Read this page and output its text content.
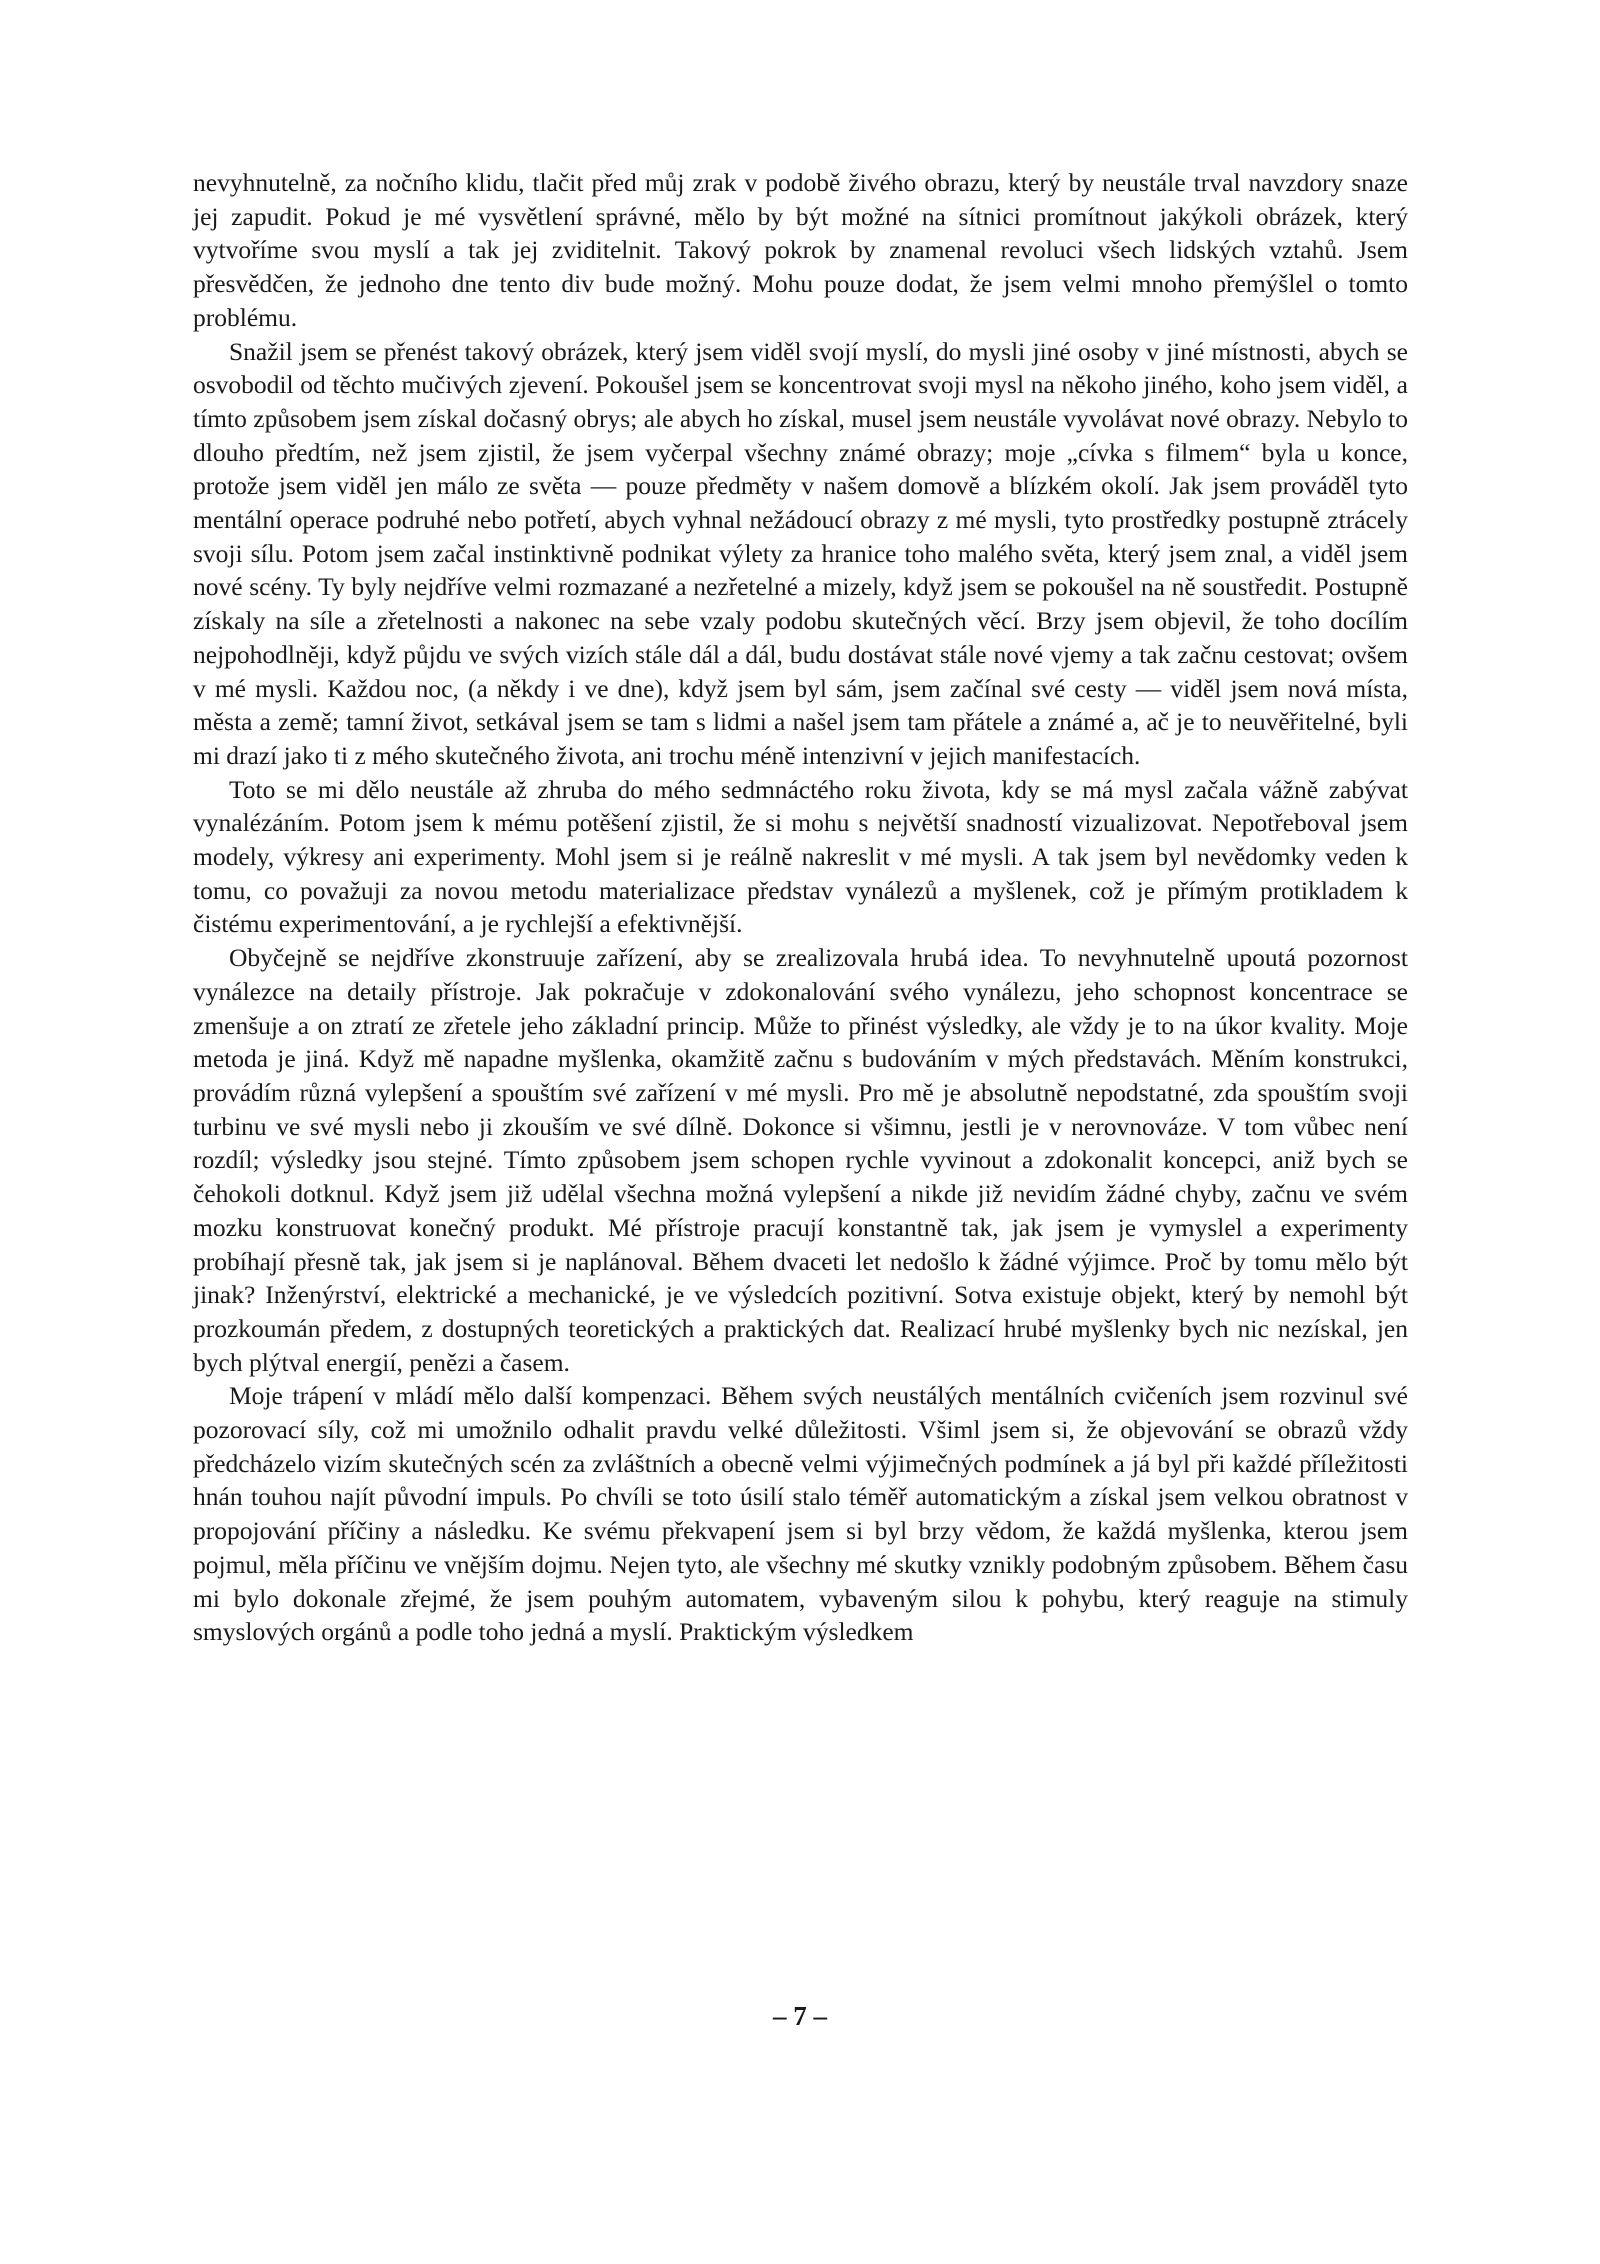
nevyhnutelně, za nočního klidu, tlačit před můj zrak v podobě živého obrazu, který by neustále trval navzdory snaze jej zapudit. Pokud je mé vysvětlení správné, mělo by být možné na sítnici promítnout jakýkoli obrázek, který vytvoříme svou myslí a tak jej zviditelnit. Takový pokrok by znamenal revoluci všech lidských vztahů. Jsem přesvědčen, že jednoho dne tento div bude možný. Mohu pouze dodat, že jsem velmi mnoho přemýšlel o tomto problému.

Snažil jsem se přenést takový obrázek, který jsem viděl svojí myslí, do mysli jiné osoby v jiné místnosti, abych se osvobodil od těchto mučivých zjevení. Pokoušel jsem se koncentrovat svoji mysl na někoho jiného, koho jsem viděl, a tímto způsobem jsem získal dočasný obrys; ale abych ho získal, musel jsem neustále vyvolávat nové obrazy. Nebylo to dlouho předtím, než jsem zjistil, že jsem vyčerpal všechny známé obrazy; moje „cívka s filmem“ byla u konce, protože jsem viděl jen málo ze světa — pouze předměty v našem domově a blízkém okolí. Jak jsem prováděl tyto mentální operace podruhé nebo potřetí, abych vyhnal nežádoucí obrazy z mé mysli, tyto prostředky postupně ztrácely svoji sílu. Potom jsem začal instinktivně podnikat výlety za hranice toho malého světa, který jsem znal, a viděl jsem nové scény. Ty byly nejdříve velmi rozmazané a nezřetelné a mizely, když jsem se pokoušel na ně soustředit. Postupně získaly na síle a zřetelnosti a nakonec na sebe vzaly podobu skutečných věcí. Brzy jsem objevil, že toho docílím nejpohodlněji, když půjdu ve svých vizích stále dál a dál, budu dostávat stále nové vjemy a tak začnu cestovat; ovšem v mé mysli. Každou noc, (a někdy i ve dne), když jsem byl sám, jsem začínal své cesty — viděl jsem nová místa, města a země; tamní život, setkával jsem se tam s lidmi a našel jsem tam přátele a známé a, ač je to neuvěřitelné, byli mi drazí jako ti z mého skutečného života, ani trochu méně intenzivní v jejich manifestacích.

Toto se mi dělo neustále až zhruba do mého sedmnáctého roku života, kdy se má mysl začala vážně zabývat vynalézáním. Potom jsem k mému potěšení zjistil, že si mohu s největší snadností vizualizovat. Nepotřeboval jsem modely, výkresy ani experimenty. Mohl jsem si je reálně nakreslit v mé mysli. A tak jsem byl nevědomky veden k tomu, co považuji za novou metodu materializace představ vynálezů a myšlenek, což je přímým protikladem k čistému experimentování, a je rychlejší a efektivnější.

Obyčejně se nejdříve zkonstruuje zařízení, aby se zrealizovala hrubá idea. To nevyhnutelně upoutá pozornost vynálezce na detaily přístroje. Jak pokračuje v zdokonalování svého vynálezu, jeho schopnost koncentrace se zmenšuje a on ztratí ze zřetele jeho základní princip. Může to přinést výsledky, ale vždy je to na úkor kvality. Moje metoda je jiná. Když mě napadne myšlenka, okamžitě začnu s budováním v mých představách. Měním konstrukci, provádím různá vylepšení a spouštím své zařízení v mé mysli. Pro mě je absolutně nepodstatné, zda spouštím svoji turbinu ve své mysli nebo ji zkouším ve své dílně. Dokonce si všimnu, jestli je v nerovnováze. V tom vůbec není rozdíl; výsledky jsou stejné. Tímto způsobem jsem schopen rychle vyvinout a zdokonalit koncepci, aniž bych se čehokoli dotknul. Když jsem již udělal všechna možná vylepšení a nikde již nevidím žádné chyby, začnu ve svém mozku konstruovat konečný produkt. Mé přístroje pracují konstantně tak, jak jsem je vymyslel a experimenty probíhají přesně tak, jak jsem si je naplánoval. Během dvaceti let nedošlo k žádné výjimce. Proč by tomu mělo být jinak? Inženýrství, elektrické a mechanické, je ve výsledcích pozitivní. Sotva existuje objekt, který by nemohl být prozkoumán předem, z dostupných teoretických a praktických dat. Realizací hrubé myšlenky bych nic nezískal, jen bych plýtval energií, penězi a časem.

Moje trápení v mládí mělo další kompenzaci. Během svých neustálých mentálních cvičeních jsem rozvinul své pozorovací síly, což mi umožnilo odhalit pravdu velké důležitosti. Všiml jsem si, že objevování se obrazů vždy předcházelo vizím skutečných scén za zvláštních a obecně velmi výjimečných podmínek a já byl při každé příležitosti hnán touhou najít původní impuls. Po chvíli se toto úsilí stalo téměř automatickým a získal jsem velkou obratnost v propojování příčiny a následku. Ke svému překvapení jsem si byl brzy vědom, že každá myšlenka, kterou jsem pojmul, měla příčinu ve vnějším dojmu. Nejen tyto, ale všechny mé skutky vznikly podobným způsobem. Během času mi bylo dokonale zřejmé, že jsem pouhým automatem, vybaveným silou k pohybu, který reaguje na stimuly smyslových orgánů a podle toho jedná a myslí. Praktickým výsledkem

– 7 –
